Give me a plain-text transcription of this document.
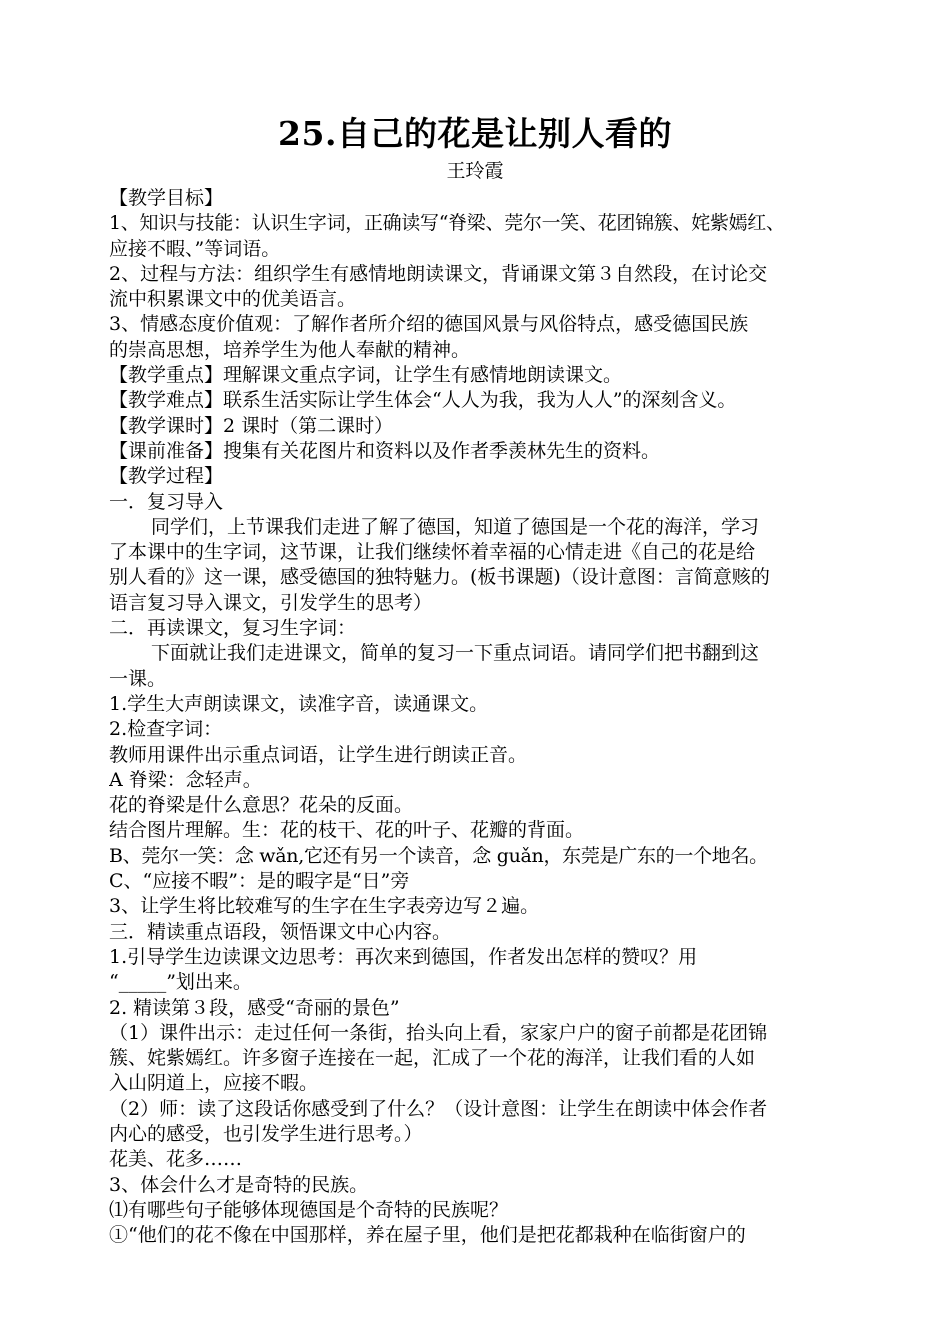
25.自己的花是让别人看的
王玲霞
【教学目标】
1、知识与技能：认识生字词，正确读写“脊梁、莞尔一笑、花团锦簇、姹紫嫣红、
应接不暇、”等词语。
2、过程与方法：组织学生有感情地朗读课文，背诵课文第３自然段，在讨论交
流中积累课文中的优美语言。
3、情感态度价值观：了解作者所介绍的德国风景与风俗特点，感受德国民族
的崇高思想，培养学生为他人奉献的精神。
【教学重点】理解课文重点字词，让学生有感情地朗读课文。
【教学难点】联系生活实际让学生体会“人人为我，我为人人”的深刻含义。
【教学课时】2 课时（第二课时）
【课前准备】搜集有关花图片和资料以及作者季羡林先生的资料。
【教学过程】
一．复习导入
同学们，上节课我们走进了解了德国，知道了德国是一个花的海洋，学习
了本课中的生字词，这节课，让我们继续怀着幸福的心情走进《自己的花是给
别人看的》这一课，感受德国的独特魅力。(板书课题)（设计意图：言简意赅的
语言复习导入课文，引发学生的思考）
二．再读课文，复习生字词：
下面就让我们走进课文，简单的复习一下重点词语。请同学们把书翻到这
一课。
1.学生大声朗读课文，读准字音，读通课文。
2.检查字词：
教师用课件出示重点词语，让学生进行朗读正音。
A 脊梁：念轻声。
花的脊梁是什么意思？花朵的反面。
结合图片理解。生：花的枝干、花的叶子、花瓣的背面。
B、莞尔一笑：念 wǎn,它还有另一个读音，念 guǎn，东莞是广东的一个地名。
C、“应接不暇”：是的暇字是“日”旁
3、让学生将比较难写的生字在生字表旁边写２遍。
三．精读重点语段，领悟课文中心内容。
1.引导学生边读课文边思考：再次来到德国，作者发出怎样的赞叹？用
“_____”划出来。
2. 精读第３段，感受“奇丽的景色”
（1）课件出示：走过任何一条街，抬头向上看，家家户户的窗子前都是花团锦
簇、姹紫嫣红。许多窗子连接在一起，汇成了一个花的海洋，让我们看的人如
入山阴道上，应接不暇。
（2）师：读了这段话你感受到了什么？（设计意图：让学生在朗读中体会作者
内心的感受，也引发学生进行思考。）
花美、花多……
3、体会什么才是奇特的民族。
⑴有哪些句子能够体现德国是个奇特的民族呢？
①“他们的花不像在中国那样，养在屋子里，他们是把花都栽种在临街窗户的
